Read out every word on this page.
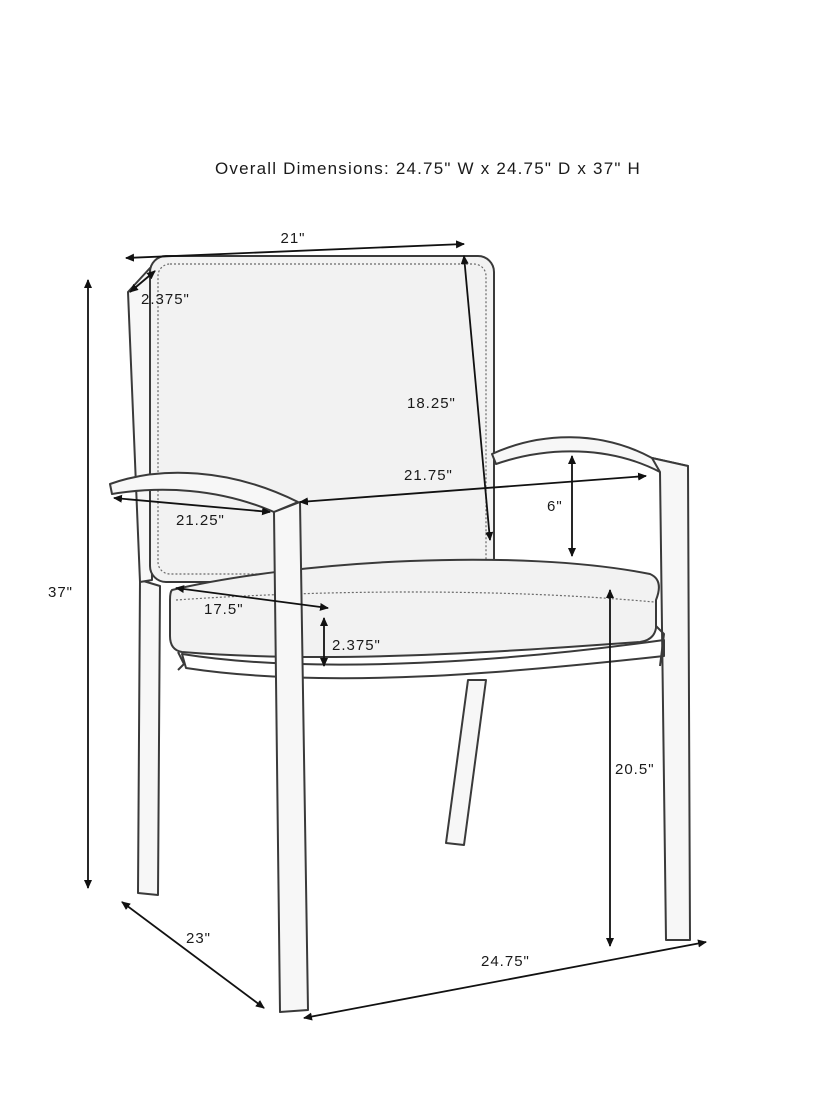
Overall Dimensions: 24.75" W x 24.75" D x 37" H
21"
2.375"
18.25"
21.75"
6"
21.25"
17.5"
2.375"
37"
20.5"
23"
24.75"
